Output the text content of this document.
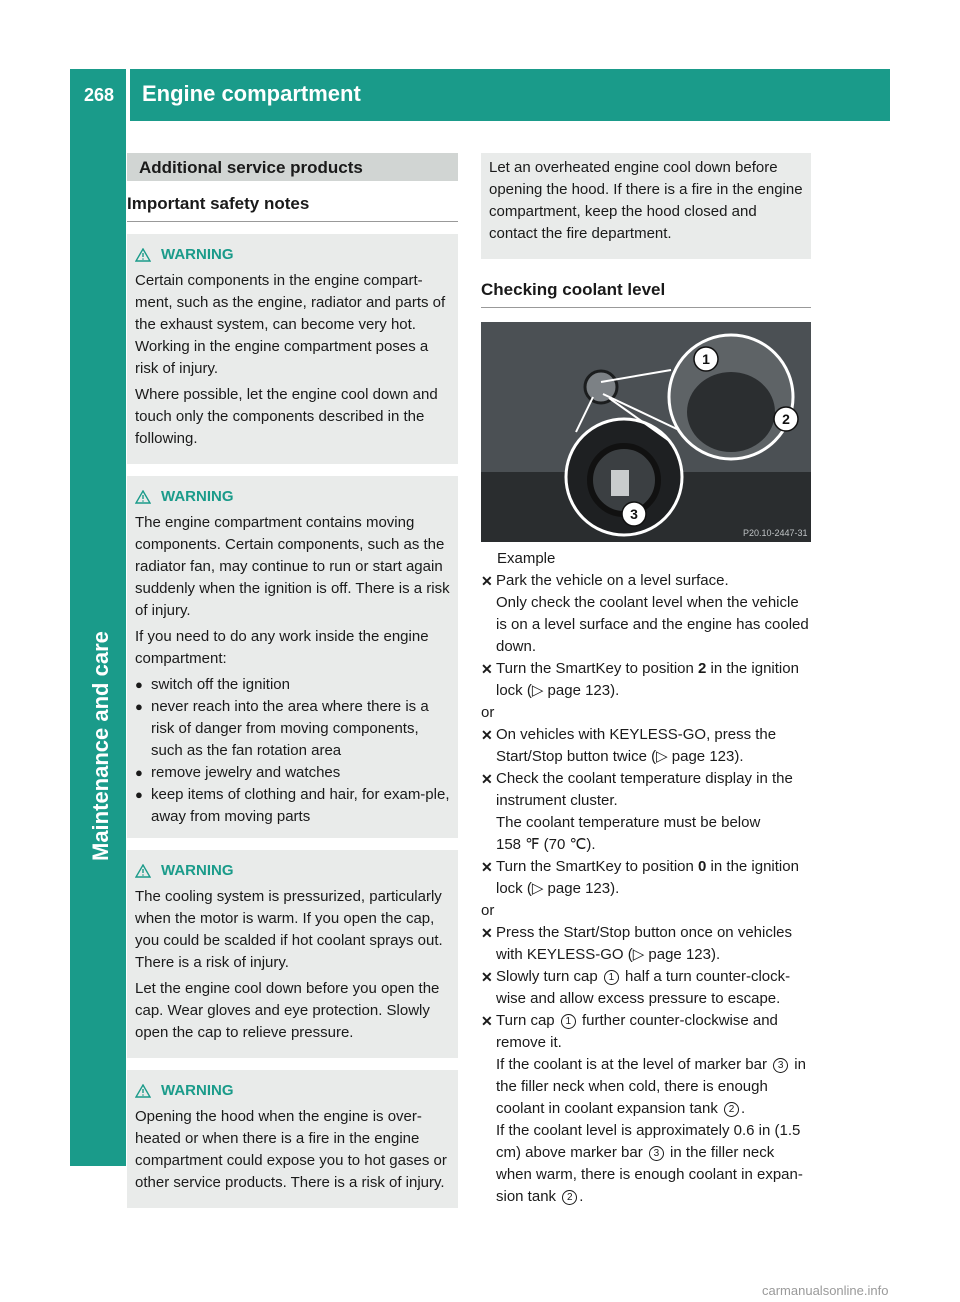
268 Engine compartment
Maintenance and care
Additional service products
Important safety notes
WARNING

Certain components in the engine compart-ment, such as the engine, radiator and parts of the exhaust system, can become very hot. Working in the engine compartment poses a risk of injury.

Where possible, let the engine cool down and touch only the components described in the following.

WARNING

The engine compartment contains moving components. Certain components, such as the radiator fan, may continue to run or start again suddenly when the ignition is off. There is a risk of injury.

If you need to do any work inside the engine compartment:

● switch off the ignition
● never reach into the area where there is a risk of danger from moving components, such as the fan rotation area
● remove jewelry and watches
● keep items of clothing and hair, for exam-ple, away from moving parts
WARNING

The cooling system is pressurized, particularly when the motor is warm. If you open the cap, you could be scalded if hot coolant sprays out. There is a risk of injury.

Let the engine cool down before you open the cap. Wear gloves and eye protection. Slowly open the cap to relieve pressure.

WARNING

Opening the hood when the engine is over-heated or when there is a fire in the engine compartment could expose you to hot gases or other service products. There is a risk of injury.

Let an overheated engine cool down before opening the hood. If there is a fire in the engine compartment, keep the hood closed and contact the fire department.

Checking coolant level
1
2
3
P20.10-2447-31

Example

✕ Park the vehicle on a level surface.

Only check the coolant level when the vehicle is on a level surface and the engine has cooled down.

✕ Turn the SmartKey to position 2 in the ignition lock (▷ page 123).

or

✕ On vehicles with KEYLESS-GO, press the Start/Stop button twice (▷ page 123).

✕ Check the coolant temperature display in the instrument cluster.

The coolant temperature must be below

158 ℉ (70 ℃).

✕ Turn the SmartKey to position 0 in the ignition lock (▷ page 123).

or

✕ Press the Start/Stop button once on vehicles with KEYLESS-GO (▷ page 123).

✕ Slowly turn cap 1 half a turn counter-clock-wise and allow excess pressure to escape.

✕ Turn cap 1 further counter-clockwise and remove it.

If the coolant is at the level of marker bar 3 in the filler neck when cold, there is enough coolant in coolant expansion tank 2 .

If the coolant level is approximately 0.6 in (1.5 cm) above marker bar 3 in the filler neck when warm, there is enough coolant in expan-sion tank 2 .

carmanualsonline.info
